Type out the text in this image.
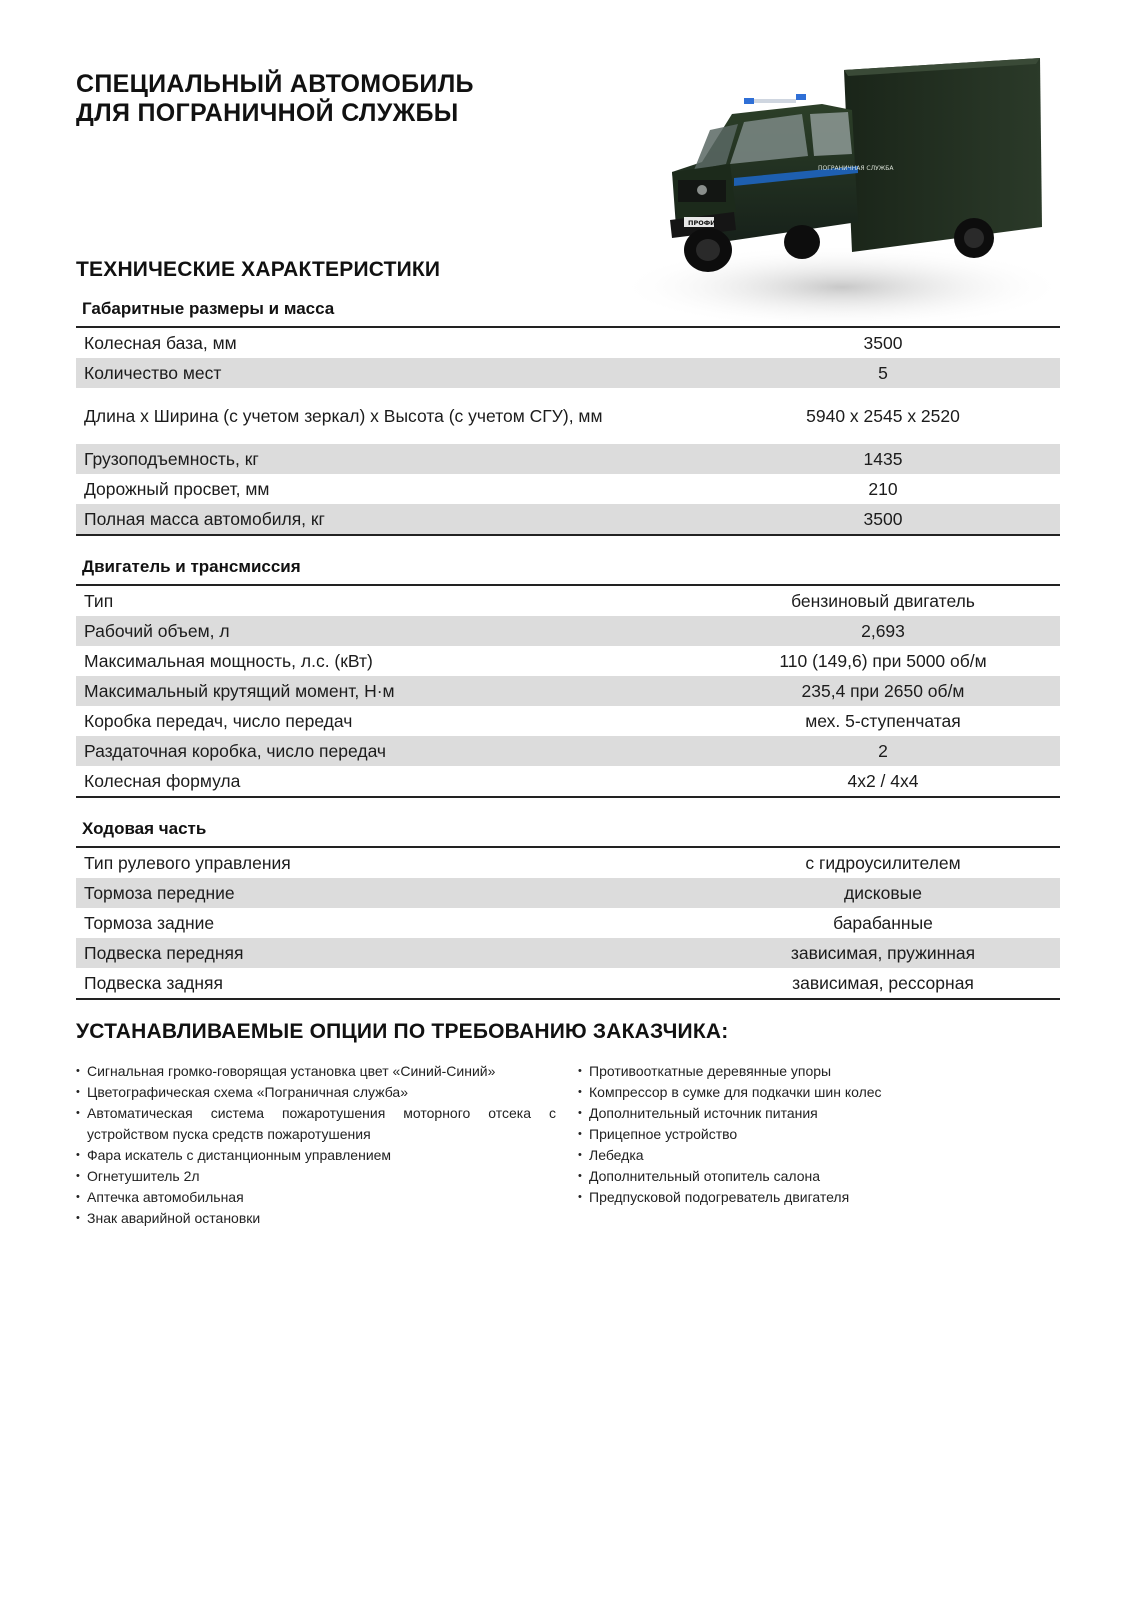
СПЕЦИАЛЬНЫЙ АВТОМОБИЛЬ
ДЛЯ ПОГРАНИЧНОЙ СЛУЖБЫ
ПОГРАНИЧНАЯ СЛУЖБА
ПРОФИ
ТЕХНИЧЕСКИЕ ХАРАКТЕРИСТИКИ
Габаритные размеры и масса
Колесная база, мм	3500
Количество мест	5
Длина х Ширина (с учетом зеркал) х Высота (с учетом СГУ), мм	5940 х 2545 х 2520
Грузоподъемность, кг	1435
Дорожный просвет, мм	210
Полная масса автомобиля, кг	3500
Двигатель и трансмиссия
Тип	бензиновый двигатель
Рабочий объем, л	2,693
Максимальная мощность, л.с. (кВт)	110 (149,6) при 5000 об/м
Максимальный крутящий момент, Н·м	235,4 при 2650 об/м
Коробка передач, число передач	мех. 5-ступенчатая
Раздаточная коробка, число передач	2
Колесная формула	4х2 / 4х4
Ходовая часть
Тип рулевого управления	с гидроусилителем
Тормоза передние	дисковые
Тормоза задние	барабанные
Подвеска передняя	зависимая, пружинная
Подвеска задняя	зависимая, рессорная
УСТАНАВЛИВАЕМЫЕ ОПЦИИ ПО ТРЕБОВАНИЮ ЗАКАЗЧИКА:
• Сигнальная громко-говорящая установка цвет «Синий-Синий»
• Цветографическая схема «Пограничная служба»
• Автоматическая система пожаротушения моторного отсека с устройством пуска средств пожаротушения
• Фара искатель с дистанционным управлением
• Огнетушитель 2л
• Аптечка автомобильная
• Знак аварийной остановки
• Противооткатные деревянные упоры
• Компрессор в сумке для подкачки шин колес
• Дополнительный источник питания
• Прицепное устройство
• Лебедка
• Дополнительный отопитель салона
• Предпусковой подогреватель двигателя
